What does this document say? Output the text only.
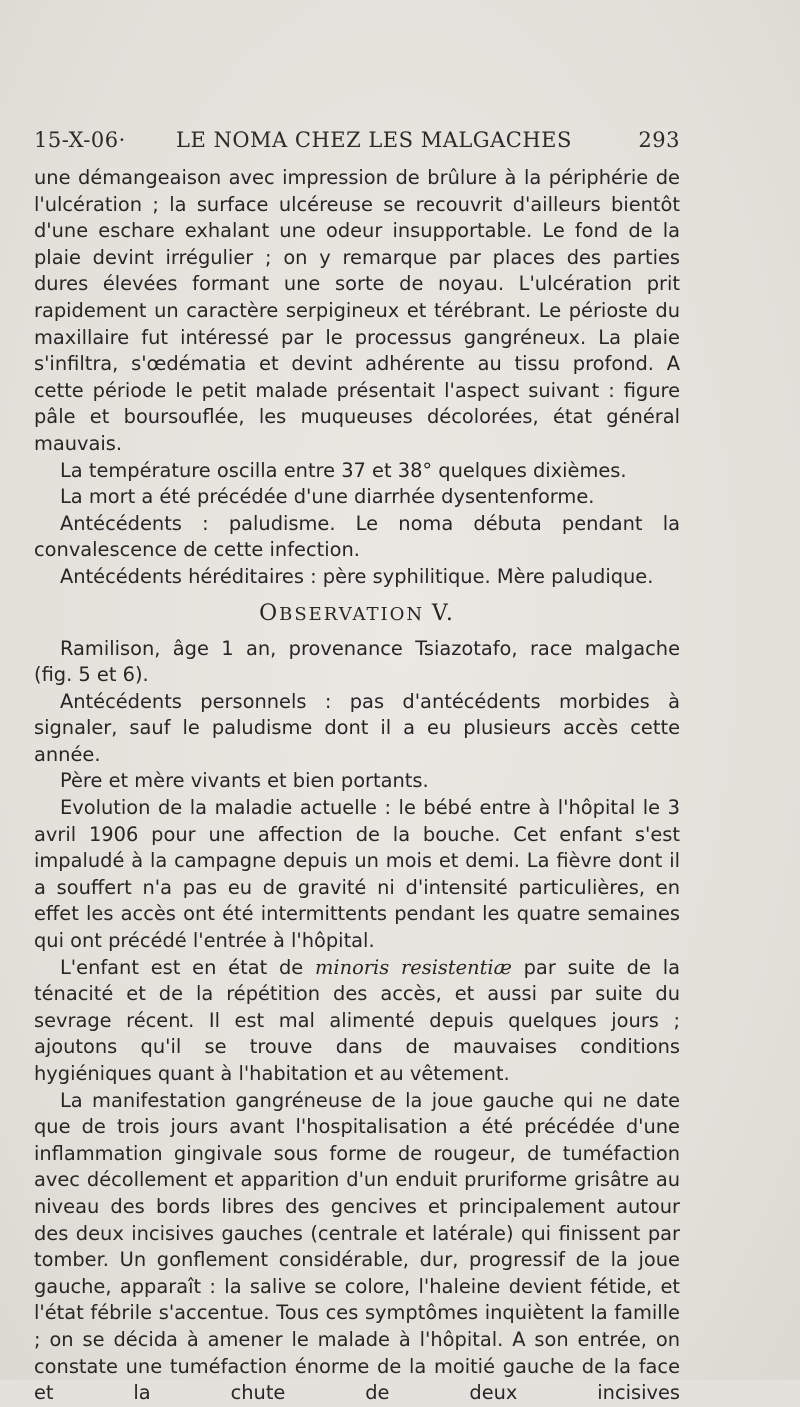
15-X-06· LE NOMA CHEZ LES MALGACHES	293

une démangeaison avec impression de brûlure à la périphérie de l'ulcération ; la surface ulcéreuse se recouvrit d'ailleurs bientôt d'une eschare exhalant une odeur insupportable. Le fond de la plaie devint irrégulier ; on y remarque par places des parties dures élevées formant une sorte de noyau. L'ulcération prit rapidement un caractère serpigineux et térébrant. Le périoste du maxillaire fut intéressé par le processus gangréneux. La plaie s'infiltra, s'œdématia et devint adhérente au tissu profond. A cette période le petit malade présentait l'aspect suivant : figure pâle et boursouflée, les muqueuses décolorées, état général mauvais.

La température oscilla entre 37 et 38° quelques dixièmes.

La mort a été précédée d'une diarrhée dysentenforme.

Antécédents : paludisme. Le noma débuta pendant la convalescence de cette infection.

Antécédents héréditaires : père syphilitique. Mère paludique.

OBSERVATION V.

Ramilison, âge 1 an, provenance Tsiazotafo, race malgache (fig. 5 et 6).

Antécédents personnels : pas d'antécédents morbides à signaler, sauf le paludisme dont il a eu plusieurs accès cette année.

Père et mère vivants et bien portants.

Evolution de la maladie actuelle : le bébé entre à l'hôpital le 3 avril 1906 pour une affection de la bouche. Cet enfant s'est impaludé à la campagne depuis un mois et demi. La fièvre dont il a souffert n'a pas eu de gravité ni d'intensité particulières, en effet les accès ont été intermittents pendant les quatre semaines qui ont précédé l'entrée à l'hôpital.

L'enfant est en état de minoris resistentiæ par suite de la ténacité et de la répétition des accès, et aussi par suite du sevrage récent. Il est mal alimenté depuis quelques jours ; ajoutons qu'il se trouve dans de mauvaises conditions hygiéniques quant à l'habitation et au vêtement.

La manifestation gangréneuse de la joue gauche qui ne date que de trois jours avant l'hospitalisation a été précédée d'une inflammation gingivale sous forme de rougeur, de tuméfaction avec décollement et apparition d'un enduit pruriforme grisâtre au niveau des bords libres des gencives et principalement autour des deux incisives gauches (centrale et latérale) qui finissent par tomber. Un gonflement considérable, dur, progressif de la joue gauche, apparaît : la salive se colore, l'haleine devient fétide, et l'état fébrile s'accentue. Tous ces symptômes inquiètent la famille ; on se décida à amener le malade à l'hôpital. A son entrée, on constate une tuméfaction énorme de la moitié gauche de la face et la chute de deux incisives
